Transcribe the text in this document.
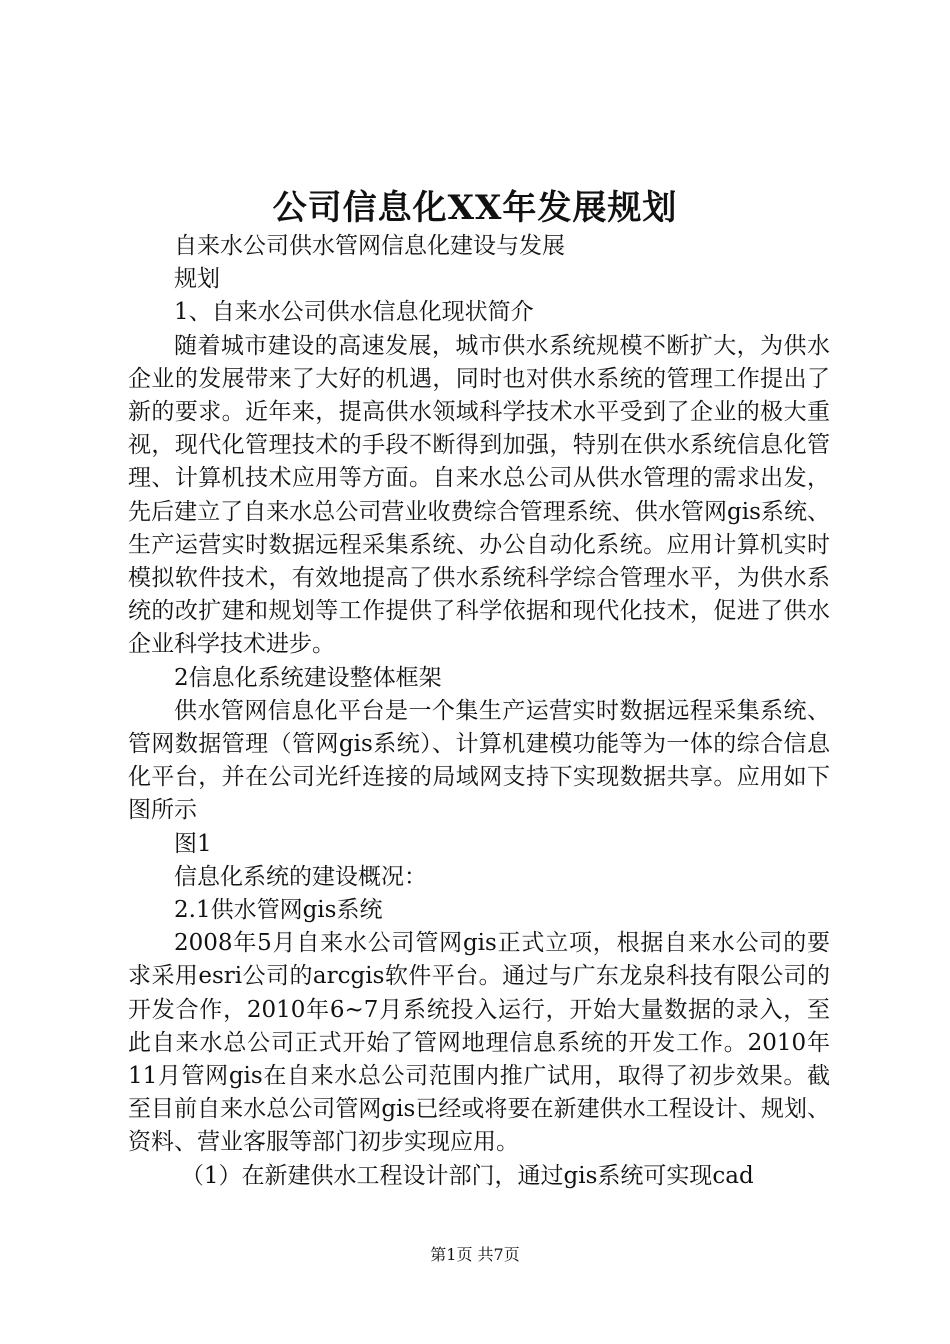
公司信息化XX年发展规划

自来水公司供水管网信息化建设与发展

规划

1、自来水公司供水信息化现状简介

随着城市建设的高速发展，城市供水系统规模不断扩大，为供水企业的发展带来了大好的机遇，同时也对供水系统的管理工作提出了新的要求。近年来，提高供水领域科学技术水平受到了企业的极大重视，现代化管理技术的手段不断得到加强，特别在供水系统信息化管理、计算机技术应用等方面。自来水总公司从供水管理的需求出发，先后建立了自来水总公司营业收费综合管理系统、供水管网gis系统、生产运营实时数据远程采集系统、办公自动化系统。应用计算机实时模拟软件技术，有效地提高了供水系统科学综合管理水平，为供水系统的改扩建和规划等工作提供了科学依据和现代化技术，促进了供水企业科学技术进步。

2信息化系统建设整体框架

供水管网信息化平台是一个集生产运营实时数据远程采集系统、管网数据管理（管网gis系统）、计算机建模功能等为一体的综合信息化平台，并在公司光纤连接的局域网支持下实现数据共享。应用如下图所示

图1

信息化系统的建设概况：

2.1供水管网gis系统

2008年5月自来水公司管网gis正式立项，根据自来水公司的要求采用esri公司的arcgis软件平台。通过与广东龙泉科技有限公司的开发合作，2010年6~7月系统投入运行，开始大量数据的录入，至此自来水总公司正式开始了管网地理信息系统的开发工作。2010年11月管网gis在自来水总公司范围内推广试用，取得了初步效果。截至目前自来水总公司管网gis已经或将要在新建供水工程设计、规划、资料、营业客服等部门初步实现应用。

（1）在新建供水工程设计部门，通过gis系统可实现cad

第1页 共7页
